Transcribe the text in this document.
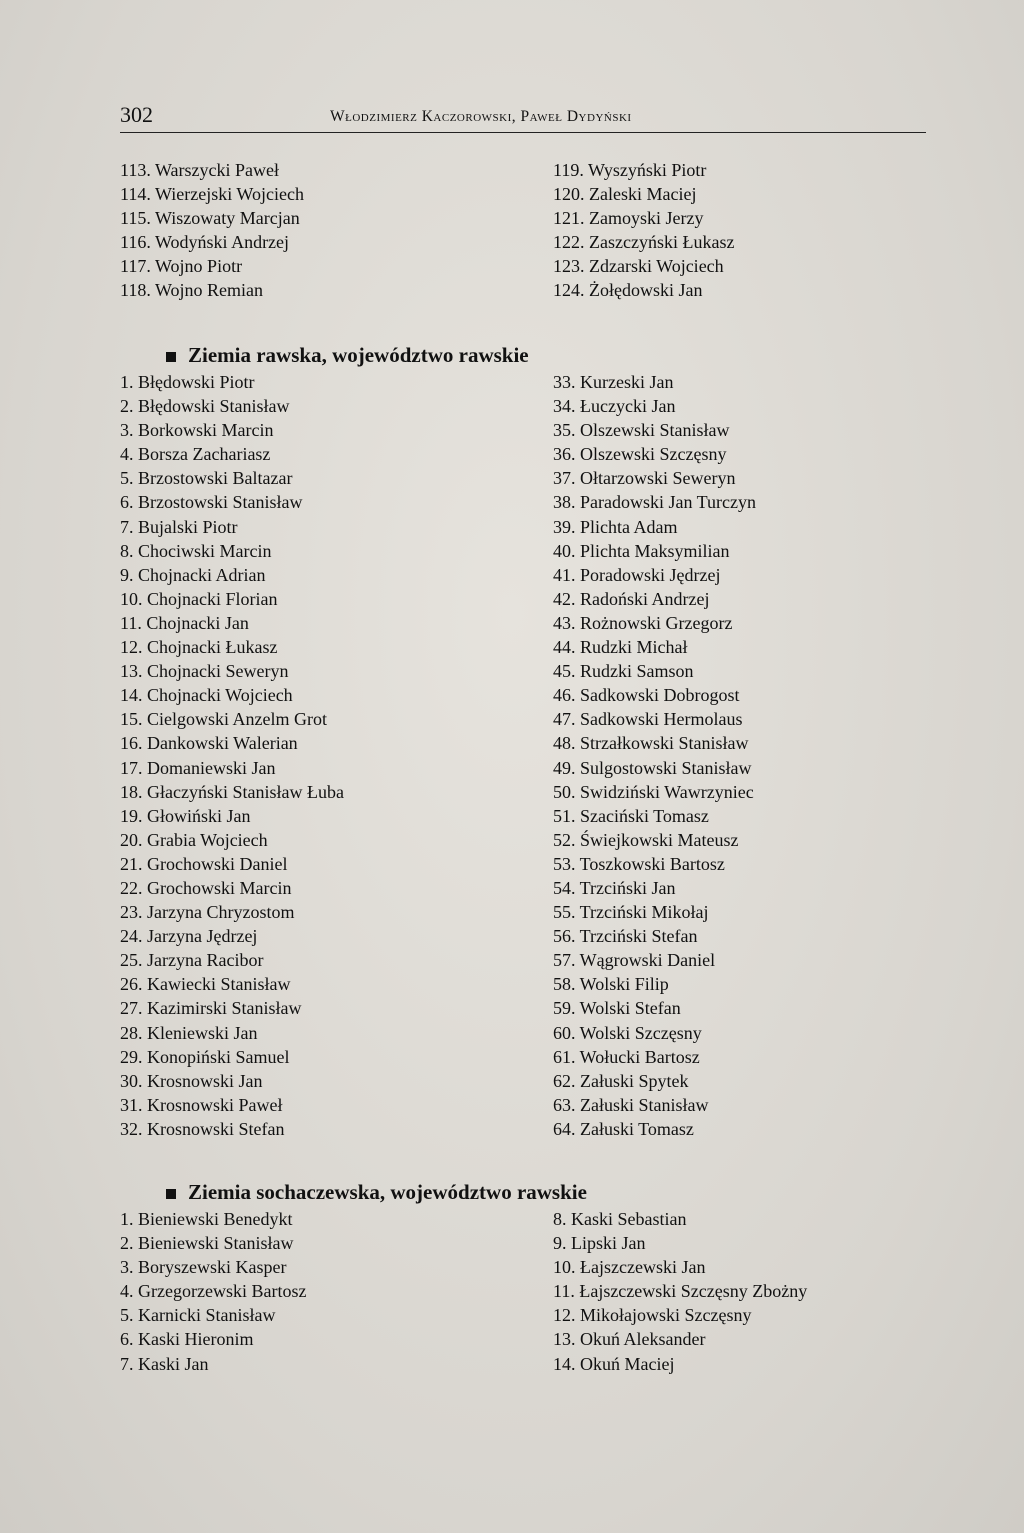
302	Włodzimierz Kaczorowski, Paweł Dydyński
113. Warszycki Paweł
114. Wierzejski Wojciech
115. Wiszowaty Marcjan
116. Wodyński Andrzej
117. Wojno Piotr
118. Wojno Remian
119. Wyszyński Piotr
120. Zaleski Maciej
121. Zamoyski Jerzy
122. Zaszczyński Łukasz
123. Zdzarski Wojciech
124. Żołędowski Jan
Ziemia rawska, województwo rawskie
1. Błędowski Piotr
2. Błędowski Stanisław
3. Borkowski Marcin
4. Borsza Zachariasz
5. Brzostowski Baltazar
6. Brzostowski Stanisław
7. Bujalski Piotr
8. Chociwski Marcin
9. Chojnacki Adrian
10. Chojnacki Florian
11. Chojnacki Jan
12. Chojnacki Łukasz
13. Chojnacki Seweryn
14. Chojnacki Wojciech
15. Cielgowski Anzelm Grot
16. Dankowski Walerian
17. Domaniewski Jan
18. Głaczyński Stanisław Łuba
19. Głowiński Jan
20. Grabia Wojciech
21. Grochowski Daniel
22. Grochowski Marcin
23. Jarzyna Chryzostom
24. Jarzyna Jędrzej
25. Jarzyna Racibor
26. Kawiecki Stanisław
27. Kazimirski Stanisław
28. Kleniewski Jan
29. Konopiński Samuel
30. Krosnowski Jan
31. Krosnowski Paweł
32. Krosnowski Stefan
33. Kurzeski Jan
34. Łuczycki Jan
35. Olszewski Stanisław
36. Olszewski Szczęsny
37. Ołtarzowski Seweryn
38. Paradowski Jan Turczyn
39. Plichta Adam
40. Plichta Maksymilian
41. Poradowski Jędrzej
42. Radoński Andrzej
43. Rożnowski Grzegorz
44. Rudzki Michał
45. Rudzki Samson
46. Sadkowski Dobrogost
47. Sadkowski Hermolaus
48. Strzałkowski Stanisław
49. Sulgostowski Stanisław
50. Swidziński Wawrzyniec
51. Szaciński Tomasz
52. Świejkowski Mateusz
53. Toszkowski Bartosz
54. Trzciński Jan
55. Trzciński Mikołaj
56. Trzciński Stefan
57. Wągrowski Daniel
58. Wolski Filip
59. Wolski Stefan
60. Wolski Szczęsny
61. Wołucki Bartosz
62. Załuski Spytek
63. Załuski Stanisław
64. Załuski Tomasz
Ziemia sochaczewska, województwo rawskie
1. Bieniewski Benedykt
2. Bieniewski Stanisław
3. Boryszewski Kasper
4. Grzegorzewski Bartosz
5. Karnicki Stanisław
6. Kaski Hieronim
7. Kaski Jan
8. Kaski Sebastian
9. Lipski Jan
10. Łajszczewski Jan
11. Łajszczewski Szczęsny Zbożny
12. Mikołajowski Szczęsny
13. Okuń Aleksander
14. Okuń Maciej
